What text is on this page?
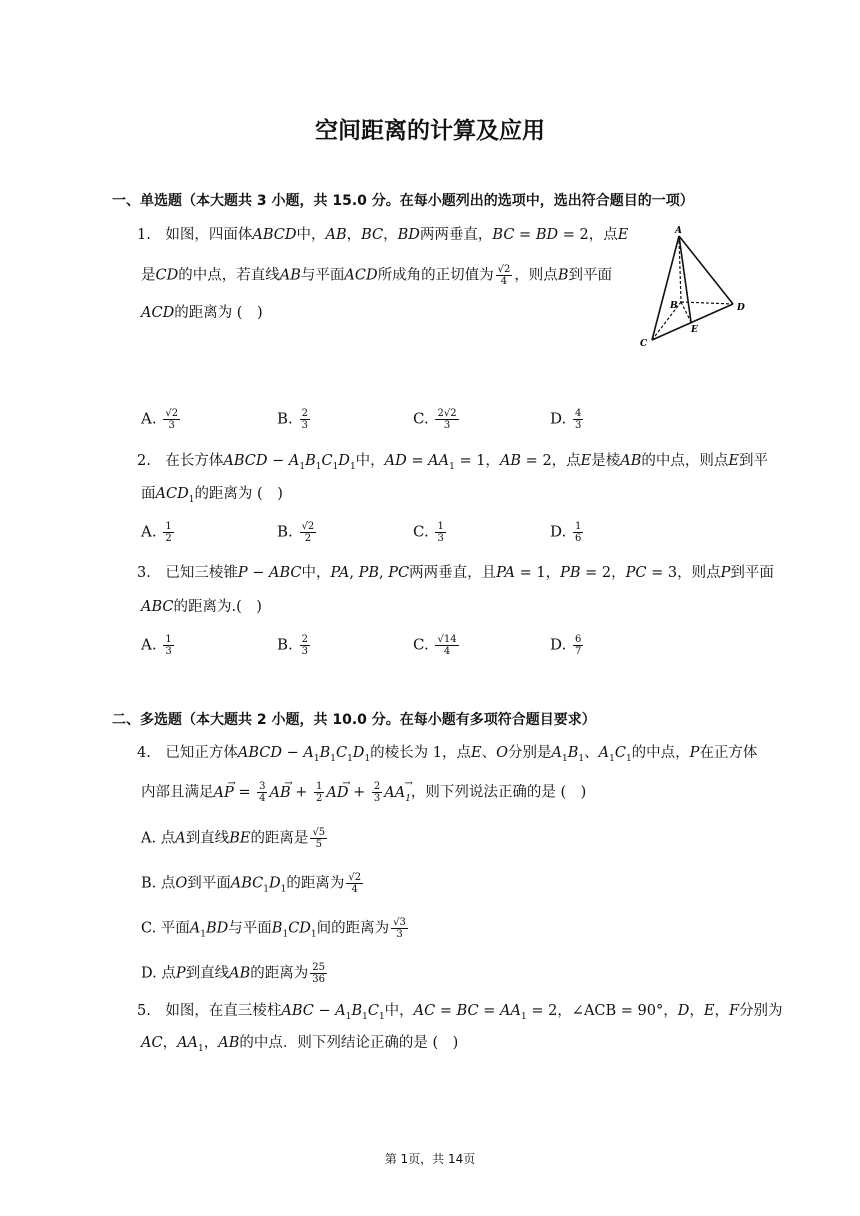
空间距离的计算及应用
一、单选题（本大题共 3 小题，共 15.0 分。在每小题列出的选项中，选出符合题目的一项）
1.　如图，四面体ABCD中，AB，BC，BD两两垂直，BC = BD = 2，点E
是CD的中点，若直线AB与平面ACD所成角的正切值为 $\frac{√2}{4}$ ，则点B到平面
ACD的距离为 (　)
A
B
C
D
E
A. $\frac{√2}{3}$	B. $\frac{2}{3}$	C. $\frac{2√2}{3}$	D. $\frac{4}{3}$
2.　在长方体ABCD − $A_1B_1C_1D_1$中，AD = $AA_1 = 1$，AB = 2，点E是棱AB的中点，则点E到平
面$ACD_1$的距离为 (　)
A. $\frac{1}{2}$	B. $\frac{√2}{2}$	C. $\frac{1}{3}$	D. $\frac{1}{6}$
3.　已知三棱锥P − ABC中，PA, PB, PC两两垂直，且PA = 1，PB = 2，PC = 3，则点P到平面
ABC的距离为.(　)
A. $\frac{1}{3}$	B. $\frac{2}{3}$	C. $\frac{√14}{4}$	D. $\frac{6}{7}$
二、多选题（本大题共 2 小题，共 10.0 分。在每小题有多项符合题目要求）
4.　已知正方体ABCD − $A_1B_1C_1D_1$的棱长为 1，点E、O分别是$A_1B_1$、$A_1C_1$的中点，P在正方体
内部且满足→ AP = $\frac{3}{4}$
→ AB + $\frac{1}{2}$
→ AD + $\frac{2}{3}$
→ $AA_1$，则下列说法正确的是 (　)
A. 点A到直线BE的距离是 $\frac{√5}{5}$
B. 点O到平面$ABC_1D_1$的距离为 $\frac{√2}{4}$
C. 平面$A_1BD$与平面$B_1CD_1$间的距离为 $\frac{√3}{3}$
D. 点P到直线AB的距离为 $\frac{25}{36}$
5.　如图，在直三棱柱ABC − $A_1B_1C_1$中，AC = BC = $AA_1 = 2$，∠ACB = 90°，D，E，F分别为
AC，$AA_1$，AB的中点．则下列结论正确的是 (　)
第 1页，共 14页
